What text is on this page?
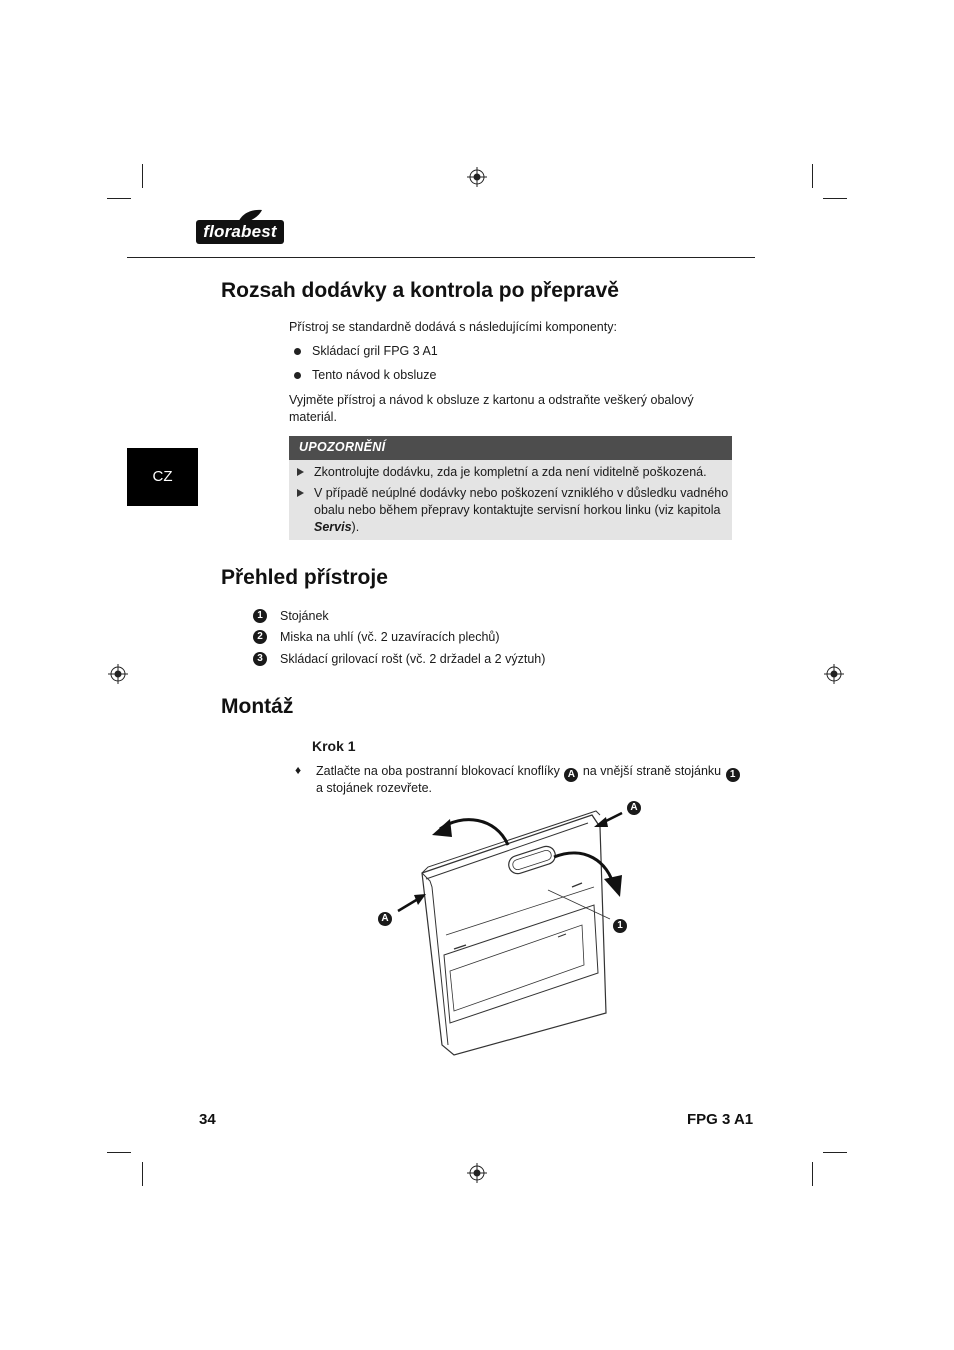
florabest
CZ
Rozsah dodávky a kontrola po přepravě
Přístroj se standardně dodává s následujícími komponenty:
Skládací gril FPG 3 A1
Tento návod k obsluze
Vyjměte přístroj a návod k obsluze z kartonu a odstraňte veškerý obalový
materiál.
UPOZORNĚNÍ
Zkontrolujte dodávku, zda je kompletní a zda není viditelně poškozená.
V případě neúplné dodávky nebo poškození vzniklého v důsledku vadného
obalu nebo během přepravy kontaktujte servisní horkou linku (viz kapitola
Servis).
Přehled přístroje
1	Stojánek
2	Miska na uhlí (vč. 2 uzavíracích plechů)
3	Skládací grilovací rošt (vč. 2 držadel a 2 výztuh)
Montáž
Krok 1
♦ Zatlačte na oba postranní blokovací knoflíky A na vnější straně stojánku 1
a stojánek rozevřete.
A
A
1
34	FPG 3 A1
